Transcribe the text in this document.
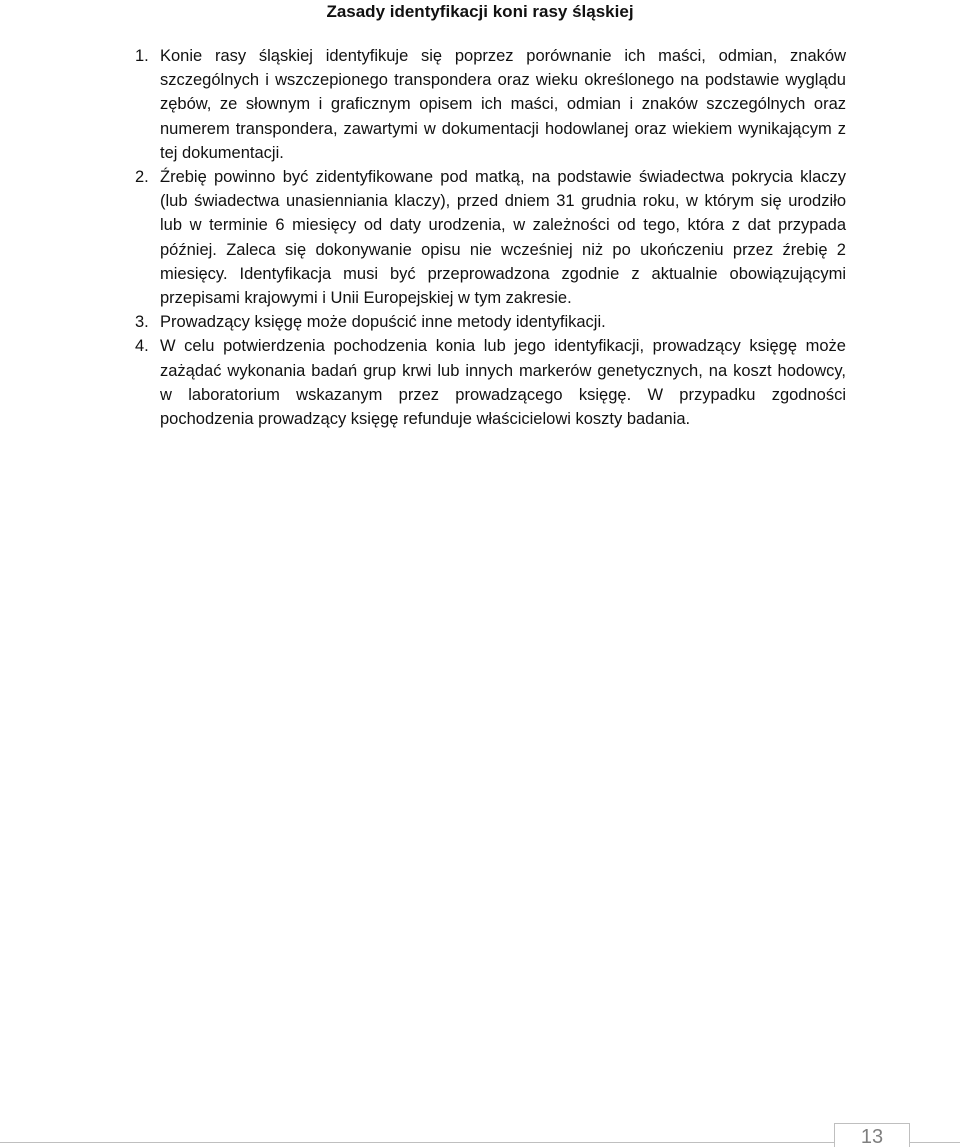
Zasady identyfikacji koni rasy śląskiej
1. Konie rasy śląskiej identyfikuje się poprzez porównanie ich maści, odmian, znaków szczególnych i wszczepionego transpondera oraz wieku określonego na podstawie wyglądu zębów, ze słownym i graficznym opisem ich maści, odmian i znaków szczególnych oraz numerem transpondera, zawartymi w dokumentacji hodowlanej oraz wiekiem wynikającym z tej dokumentacji.
2. Źrebię powinno być zidentyfikowane pod matką, na podstawie świadectwa pokrycia klaczy (lub świadectwa unasienniania klaczy), przed dniem 31 grudnia roku, w którym się urodziło lub w terminie 6 miesięcy od daty urodzenia, w zależności od tego, która z dat przypada później. Zaleca się dokonywanie opisu nie wcześniej niż po ukończeniu przez źrebię 2 miesięcy. Identyfikacja musi być przeprowadzona zgodnie z aktualnie obowiązującymi przepisami krajowymi i Unii Europejskiej w tym zakresie.
3. Prowadzący księgę może dopuścić inne metody identyfikacji.
4. W celu potwierdzenia pochodzenia konia lub jego identyfikacji, prowadzący księgę może zażądać wykonania badań grup krwi lub innych markerów genetycznych, na koszt hodowcy, w laboratorium wskazanym przez prowadzącego księgę. W przypadku zgodności pochodzenia prowadzący księgę refunduje właścicielowi koszty badania.
13
